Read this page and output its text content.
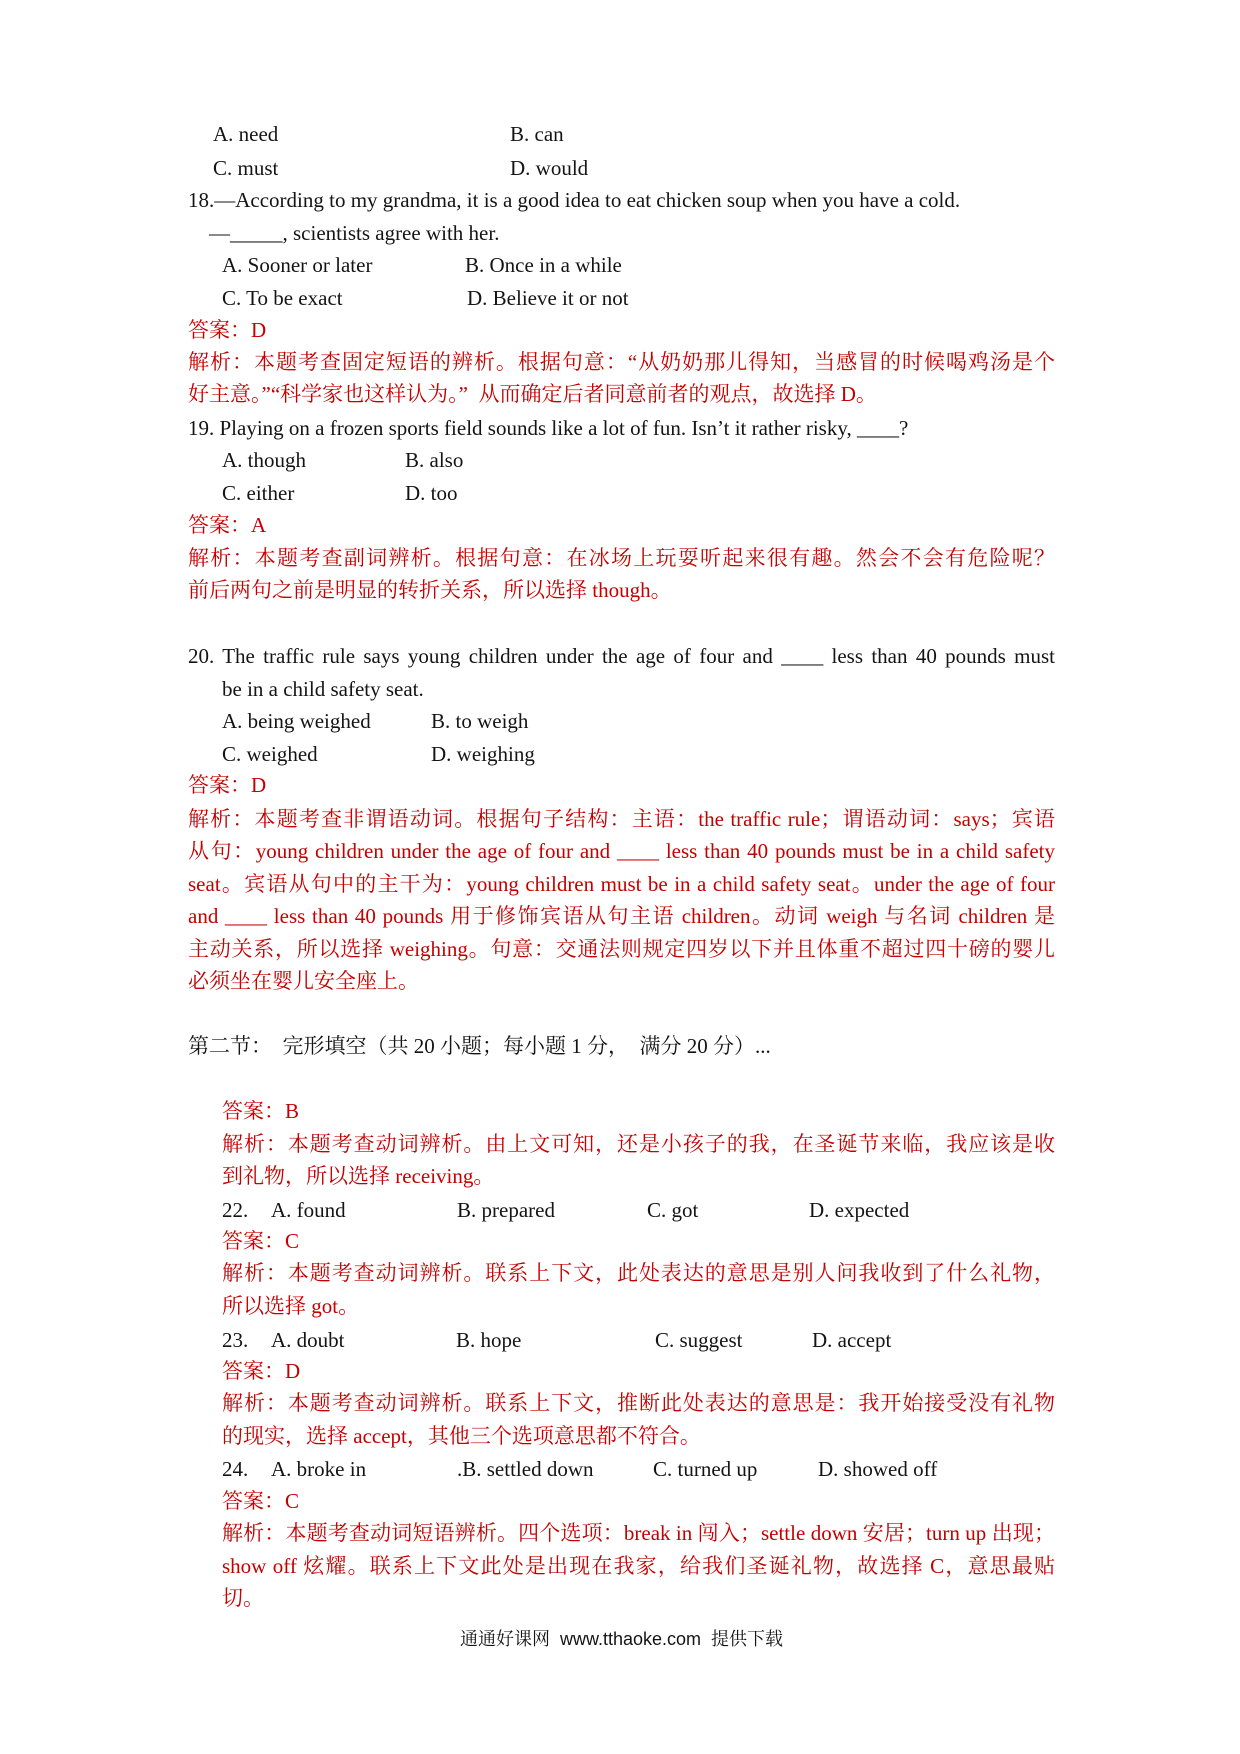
A. need	B. can
C. must	D. would
18.—According to my grandma, it is a good idea to eat chicken soup when you have a cold.
—_____, scientists agree with her.
A. Sooner or later	B. Once in a while
C. To be exact	D. Believe it or not
答案：D
解析：本题考查固定短语的辨析。根据句意：“从奶奶那儿得知，当感冒的时候喝鸡汤是个
好主意。”“科学家也这样认为。”  从而确定后者同意前者的观点，故选择 D。
19. Playing on a frozen sports field sounds like a lot of fun. Isn’t it rather risky, ____?
A. though	B. also
C. either	D. too
答案：A
解析：本题考查副词辨析。根据句意：在冰场上玩耍听起来很有趣。然会不会有危险呢？
前后两句之前是明显的转折关系，所以选择 though。
20. The traffic rule says young children under the age of four and ____ less than 40 pounds must
be in a child safety seat.
A. being weighed	B. to weigh
C. weighed	D. weighing
答案：D
解析：本题考查非谓语动词。根据句子结构：主语：the traffic rule；谓语动词：says；宾语
从句：young children under the age of four and ____ less than 40 pounds must be in a child safety
seat。宾语从句中的主干为：young children must be in a child safety seat。under the age of four
and ____ less than 40 pounds 用于修饰宾语从句主语 children。动词 weigh 与名词 children 是
主动关系，所以选择 weighing。句意：交通法则规定四岁以下并且体重不超过四十磅的婴儿
必须坐在婴儿安全座上。
第二节：  完形填空（共 20 小题；每小题 1 分，  满分 20 分）...
答案：B
解析：本题考查动词辨析。由上文可知，还是小孩子的我，在圣诞节来临，我应该是收
到礼物，所以选择 receiving。
22. A. found	B. prepared	C. got	D. expected
答案：C
解析：本题考查动词辨析。联系上下文，此处表达的意思是别人问我收到了什么礼物，
所以选择 got。
23. A. doubt	B. hope	C. suggest	D. accept
答案：D
解析：本题考查动词辨析。联系上下文，推断此处表达的意思是：我开始接受没有礼物
的现实，选择 accept，其他三个选项意思都不符合。
24. A. broke in	.B. settled down	C. turned up	D. showed off
答案：C
解析：本题考查动词短语辨析。四个选项：break in 闯入；settle down 安居；turn up 出现；
show off 炫耀。联系上下文此处是出现在我家，给我们圣诞礼物，故选择 C，意思最贴
切。
通通好课网  www.tthaoke.com  提供下载
